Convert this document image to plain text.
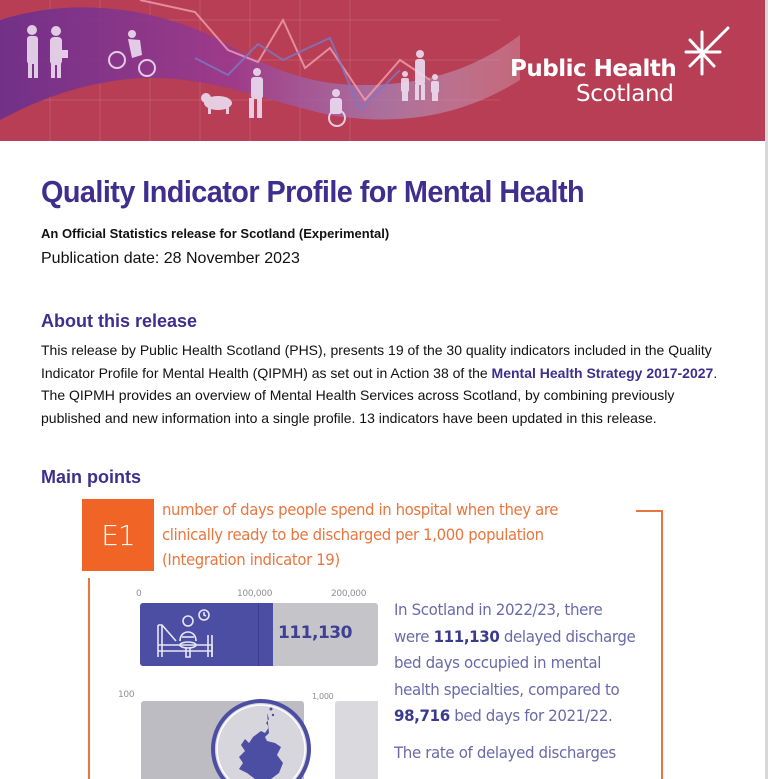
Public Health
Scotland
Quality Indicator Profile for Mental Health
An Official Statistics release for Scotland (Experimental)
Publication date: 28 November 2023
About this release

This release by Public Health Scotland (PHS), presents 19 of the 30 quality indicators included in the Quality Indicator Profile for Mental Health (QIPMH) as set out in Action 38 of the Mental Health Strategy 2017-2027. The QIPMH provides an overview of Mental Health Services across Scotland, by combining previously published and new information into a single profile. 13 indicators have been updated in this release.

Main points
E1
number of days people spend in hospital when they are clinically ready to be discharged per 1,000 population (Integration indicator 19)
0	100,000	200,000
111,130
100	1,000

In Scotland in 2022/23, there were 111,130 delayed discharge bed days occupied in mental health specialties, compared to 98,716 bed days for 2021/22.

The rate of delayed discharges
